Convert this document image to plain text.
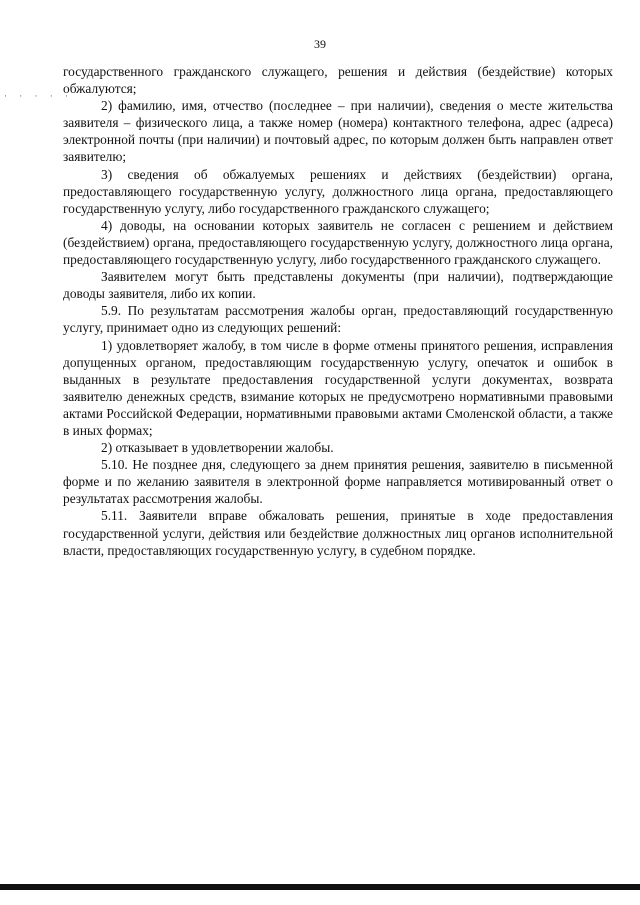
39
· · · · ·

государственного гражданского служащего, решения и действия (бездействие) которых обжалуются;

2) фамилию, имя, отчество (последнее – при наличии), сведения о месте жительства заявителя – физического лица, а также номер (номера) контактного телефона, адрес (адреса) электронной почты (при наличии) и почтовый адрес, по которым должен быть направлен ответ заявителю;

3) сведения об обжалуемых решениях и действиях (бездействии) органа, предоставляющего государственную услугу, должностного лица органа, предоставляющего государственную услугу, либо государственного гражданского служащего;

4) доводы, на основании которых заявитель не согласен с решением и действием (бездействием) органа, предоставляющего государственную услугу, должностного лица органа, предоставляющего государственную услугу, либо государственного гражданского служащего.

Заявителем могут быть представлены документы (при наличии), подтверждающие доводы заявителя, либо их копии.

5.9. По результатам рассмотрения жалобы орган, предоставляющий государственную услугу, принимает одно из следующих решений:

1) удовлетворяет жалобу, в том числе в форме отмены принятого решения, исправления допущенных органом, предоставляющим государственную услугу, опечаток и ошибок в выданных в результате предоставления государственной услуги документах, возврата заявителю денежных средств, взимание которых не предусмотрено нормативными правовыми актами Российской Федерации, нормативными правовыми актами Смоленской области, а также в иных формах;

2) отказывает в удовлетворении жалобы.

5.10. Не позднее дня, следующего за днем принятия решения, заявителю в письменной форме и по желанию заявителя в электронной форме направляется мотивированный ответ о результатах рассмотрения жалобы.

5.11. Заявители вправе обжаловать решения, принятые в ходе предоставления государственной услуги, действия или бездействие должностных лиц органов исполнительной власти, предоставляющих государственную услугу, в судебном порядке.
